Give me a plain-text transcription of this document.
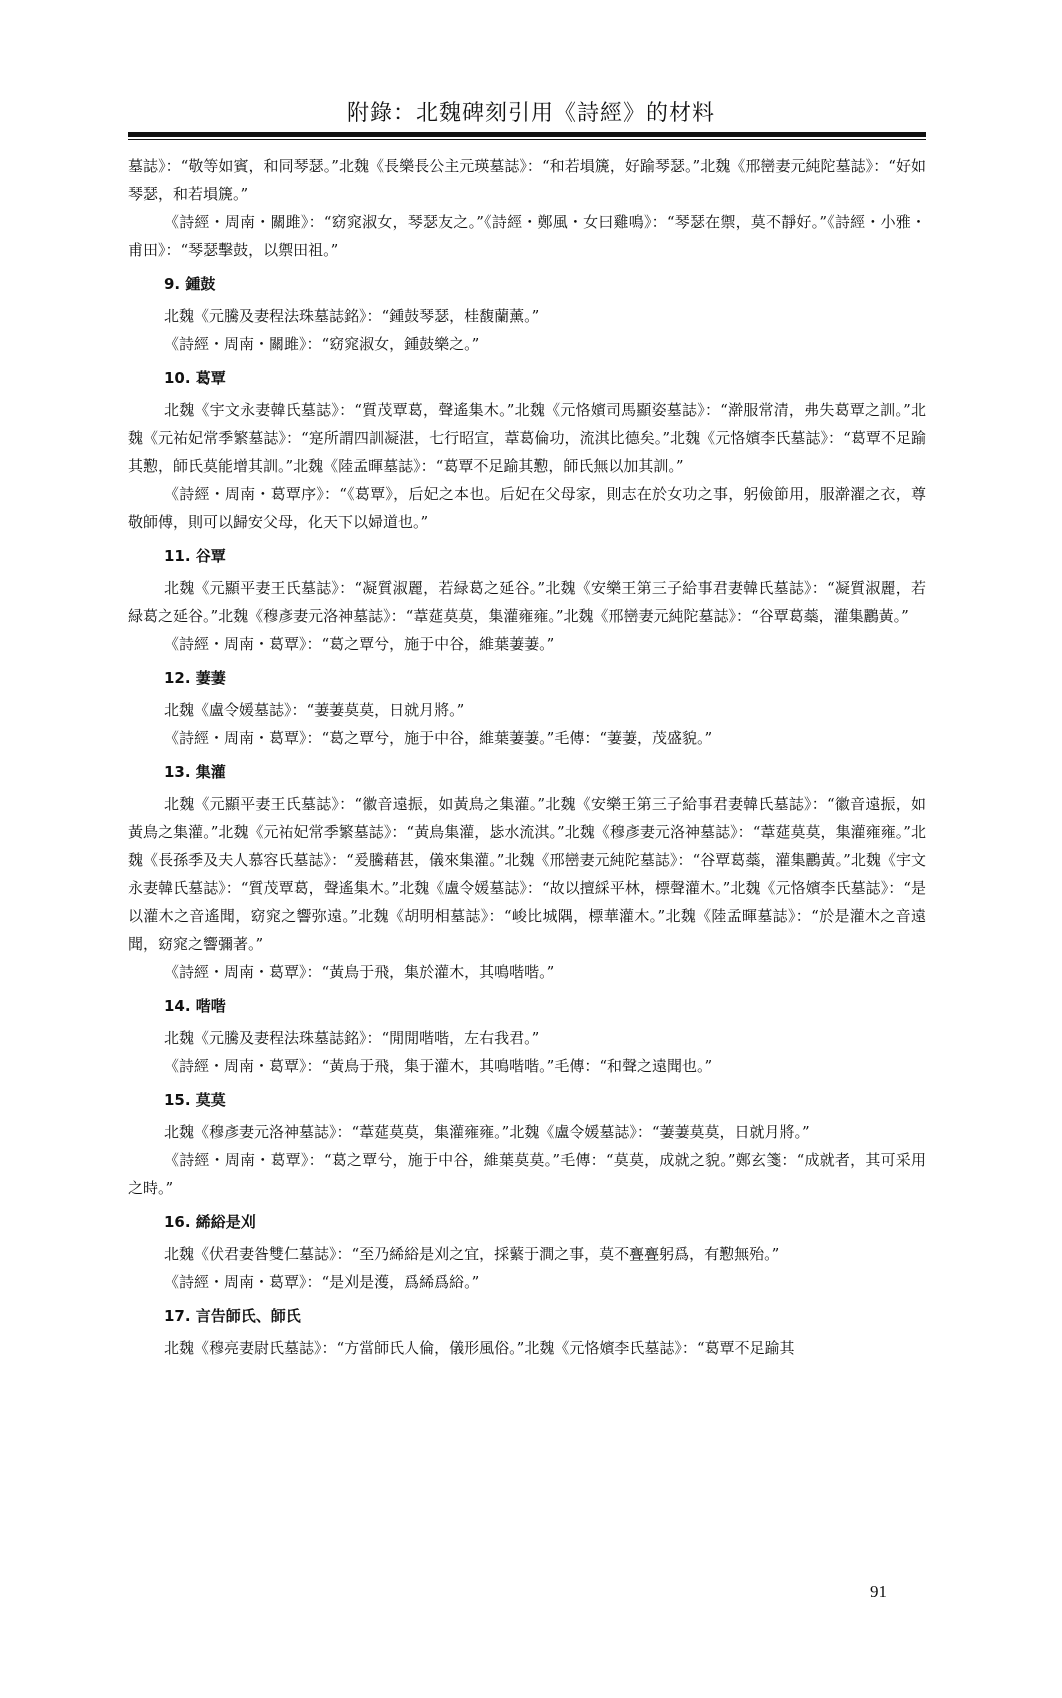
附錄：北魏碑刻引用《詩經》的材料

墓誌》：“敬等如賓，和同琴瑟。”北魏《長樂長公主元瑛墓誌》：“和若塤篪，好踰琴瑟。”北魏《邢巒妻元純陀墓誌》：“好如琴瑟，和若塤篪。”

《詩經・周南・關雎》：“窈窕淑女，琴瑟友之。”《詩經・鄭風・女曰雞鳴》：“琴瑟在禦，莫不靜好。”《詩經・小雅・甫田》：“琴瑟擊鼓，以禦田祖。”

9. 鍾鼓

北魏《元騰及妻程法珠墓誌銘》：“鍾鼓琴瑟，桂馥蘭薰。”

《詩經・周南・關雎》：“窈窕淑女，鍾鼓樂之。”

10. 葛覃

北魏《宇文永妻韓氏墓誌》：“質茂覃葛，聲遙集木。”北魏《元恪嬪司馬顯姿墓誌》：“澣服常清，弗失葛覃之訓。”北魏《元祐妃常季繁墓誌》：“寔所謂四訓凝湛，七行昭宣，葦葛倫功，流淇比德矣。”北魏《元恪嬪李氏墓誌》：“葛覃不足踰其懃，師氏莫能增其訓。”北魏《陸孟暉墓誌》：“葛覃不足踰其懃，師氏無以加其訓。”

《詩經・周南・葛覃序》：“《葛覃》，后妃之本也。后妃在父母家，則志在於女功之事，躬儉節用，服澣濯之衣，尊敬師傅，則可以歸安父母，化天下以婦道也。”

11. 谷覃

北魏《元顯平妻王氏墓誌》：“凝質淑麗，若緑葛之延谷。”北魏《安樂王第三子給事君妻韓氏墓誌》：“凝質淑麗，若緑葛之延谷。”北魏《穆彥妻元洛神墓誌》：“葦莚莫莫，集灌雍雍。”北魏《邢巒妻元純陀墓誌》：“谷覃葛蘂，灌集鸝黃。”

《詩經・周南・葛覃》：“葛之覃兮，施于中谷，維葉萋萋。”

12. 萋萋

北魏《盧令媛墓誌》：“萋萋莫莫，日就月將。”

《詩經・周南・葛覃》：“葛之覃兮，施于中谷，維葉萋萋。”毛傳：“萋萋，茂盛貌。”

13. 集灌

北魏《元顯平妻王氏墓誌》：“徽音遠振，如黃鳥之集灌。”北魏《安樂王第三子給事君妻韓氏墓誌》：“徽音遠振，如黃鳥之集灌。”北魏《元祐妃常季繁墓誌》：“黃鳥集灌，毖水流淇。”北魏《穆彥妻元洛神墓誌》：“葦莚莫莫，集灌雍雍。”北魏《長孫季及夫人慕容氏墓誌》：“爰騰藉甚，儀來集灌。”北魏《邢巒妻元純陀墓誌》：“谷覃葛蘂，灌集鸝黃。”北魏《宇文永妻韓氏墓誌》：“質茂覃葛，聲遙集木。”北魏《盧令媛墓誌》：“故以擅綵平林，標聲灌木。”北魏《元恪嬪李氏墓誌》：“是以灌木之音遙聞，窈窕之響弥遠。”北魏《胡明相墓誌》：“峻比城隅，標華灌木。”北魏《陸孟暉墓誌》：“於是灌木之音遠聞，窈窕之響彌著。”

《詩經・周南・葛覃》：“黃鳥于飛，集於灌木，其鳴喈喈。”

14. 喈喈

北魏《元騰及妻程法珠墓誌銘》：“閒閒喈喈，左右我君。”

《詩經・周南・葛覃》：“黃鳥于飛，集于灌木，其鳴喈喈。”毛傳：“和聲之遠聞也。”

15. 莫莫

北魏《穆彥妻元洛神墓誌》：“葦莚莫莫，集灌雍雍。”北魏《盧令媛墓誌》：“萋萋莫莫，日就月將。”

《詩經・周南・葛覃》：“葛之覃兮，施于中谷，維葉莫莫。”毛傳：“莫莫，成就之貌。”鄭玄箋：“成就者，其可采用之時。”

16. 絺綌是刈

北魏《伏君妻昝雙仁墓誌》：“至乃絺綌是刈之宜，採蘩于澗之事，莫不亹亹躬爲，有懃無殆。”

《詩經・周南・葛覃》：“是刈是濩，爲絺爲綌。”

17. 言告師氏、師氏

北魏《穆亮妻尉氏墓誌》：“方當師氏人倫，儀形風俗。”北魏《元恪嬪李氏墓誌》：“葛覃不足踰其

91
